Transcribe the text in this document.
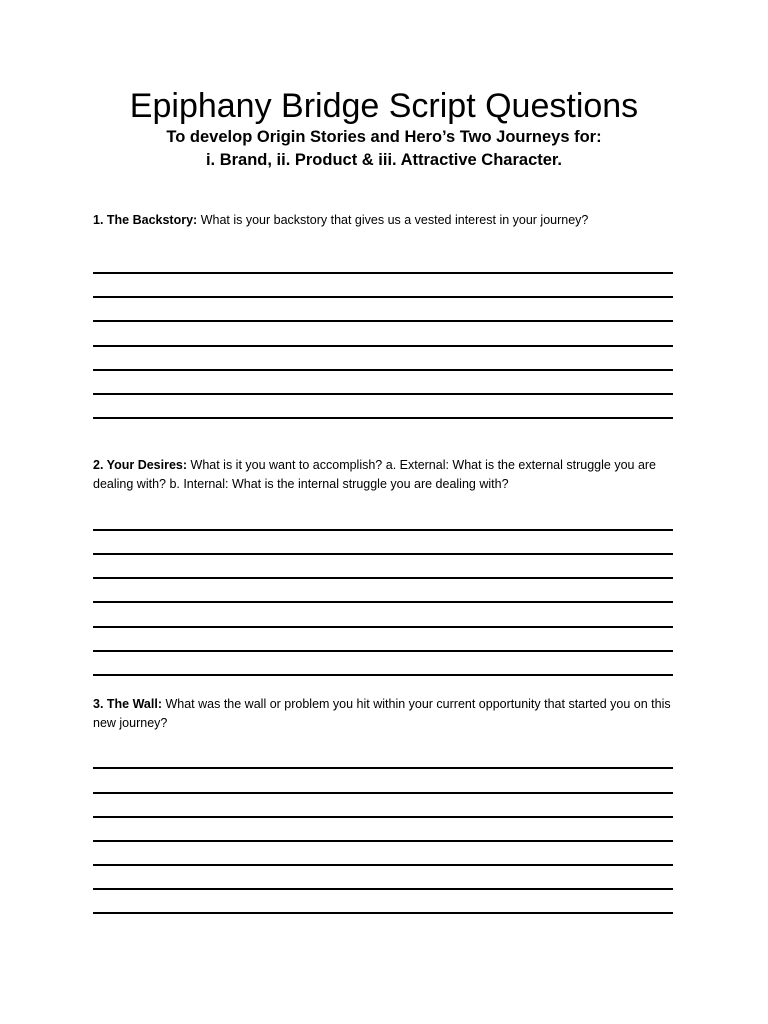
Epiphany Bridge Script Questions

To develop Origin Stories and Hero’s Two Journeys for:

i. Brand, ii. Product & iii. Attractive Character.

1. The Backstory: What is your backstory that gives us a vested interest in your journey?

2. Your Desires: What is it you want to accomplish? a. External: What is the external struggle you are dealing with? b. Internal: What is the internal struggle you are dealing with?

3. The Wall: What was the wall or problem you hit within your current opportunity that started you on this new journey?
